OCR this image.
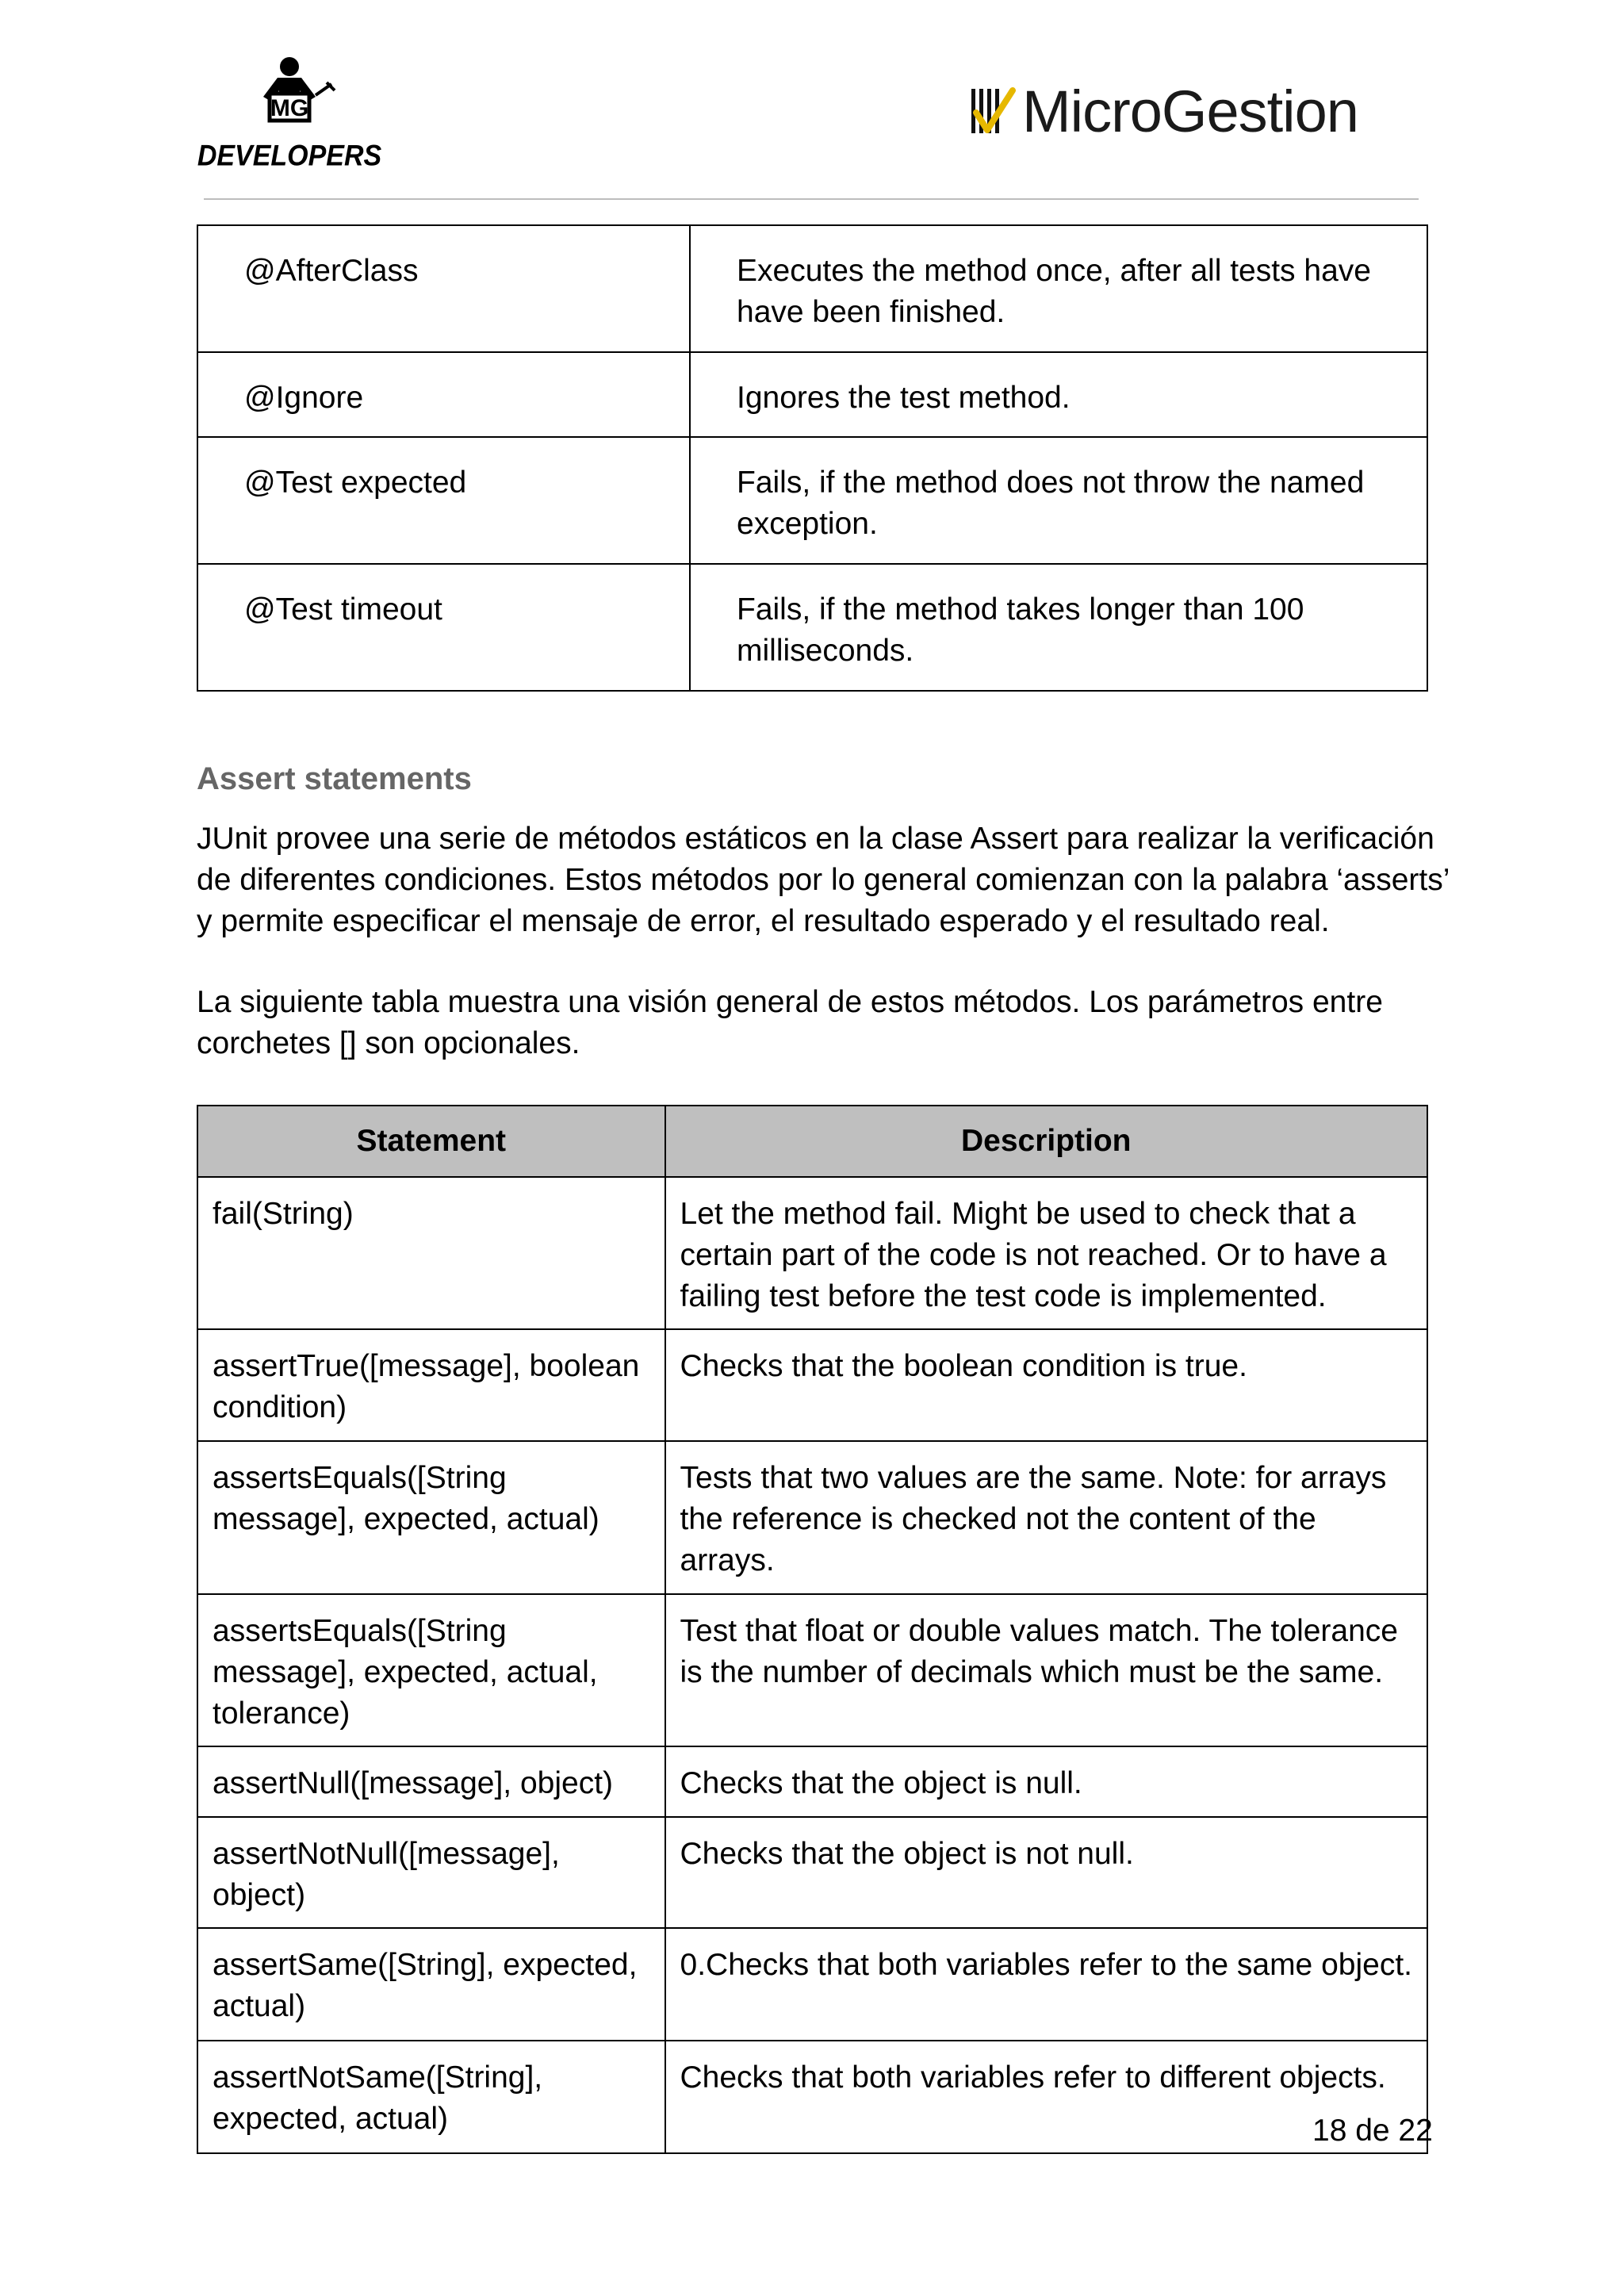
MG
DEVELOPERS
MicroGestion
@AfterClass	Executes the method once, after all tests have have been finished.
@Ignore	Ignores the test method.
@Test expected	Fails, if the method does not throw the named exception.
@Test timeout	Fails, if the method takes longer than 100 milliseconds.
Assert statements

JUnit provee una serie de métodos estáticos en la clase Assert para realizar la verificación de diferentes condiciones. Estos métodos por lo general comienzan con la palabra ‘asserts’ y permite especificar el mensaje de error, el resultado esperado y el resultado real.

La siguiente tabla muestra una visión general de estos métodos. Los parámetros entre corchetes [] son opcionales.

Statement	Description
fail(String)	Let the method fail. Might be used to check that a certain part of the code is not reached. Or to have a failing test before the test code is implemented.
assertTrue([message], boolean condition)	Checks that the boolean condition is true.
assertsEquals([String message], expected, actual)	Tests that two values are the same. Note: for arrays the reference is checked not the content of the arrays.
assertsEquals([String message], expected, actual, tolerance)	Test that float or double values match. The tolerance is the number of decimals which must be the same.
assertNull([message], object)	Checks that the object is null.
assertNotNull([message], object)	Checks that the object is not null.
assertSame([String], expected, actual)	0.Checks that both variables refer to the same object.
assertNotSame([String], expected, actual)	Checks that both variables refer to different objects.
18 de 22
